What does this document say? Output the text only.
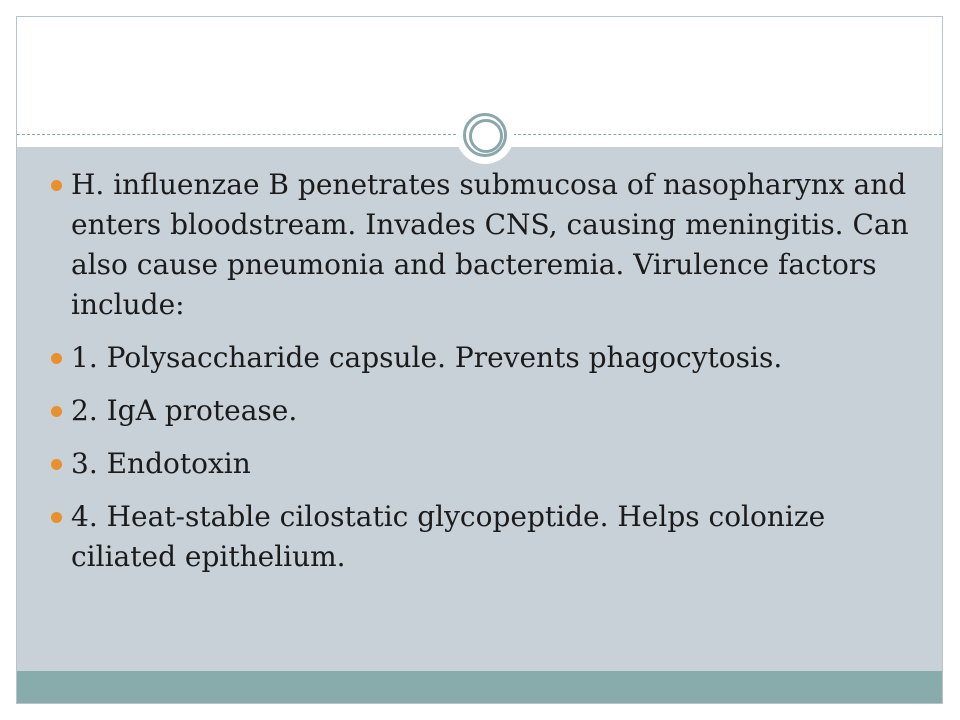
H. influenzae B penetrates submucosa of nasopharynx and enters bloodstream. Invades CNS, causing meningitis. Can also cause pneumonia and bacteremia. Virulence factors include:
1. Polysaccharide capsule. Prevents phagocytosis.
2. IgA protease.
3. Endotoxin
4. Heat-stable cilostatic glycopeptide. Helps colonize ciliated epithelium.
